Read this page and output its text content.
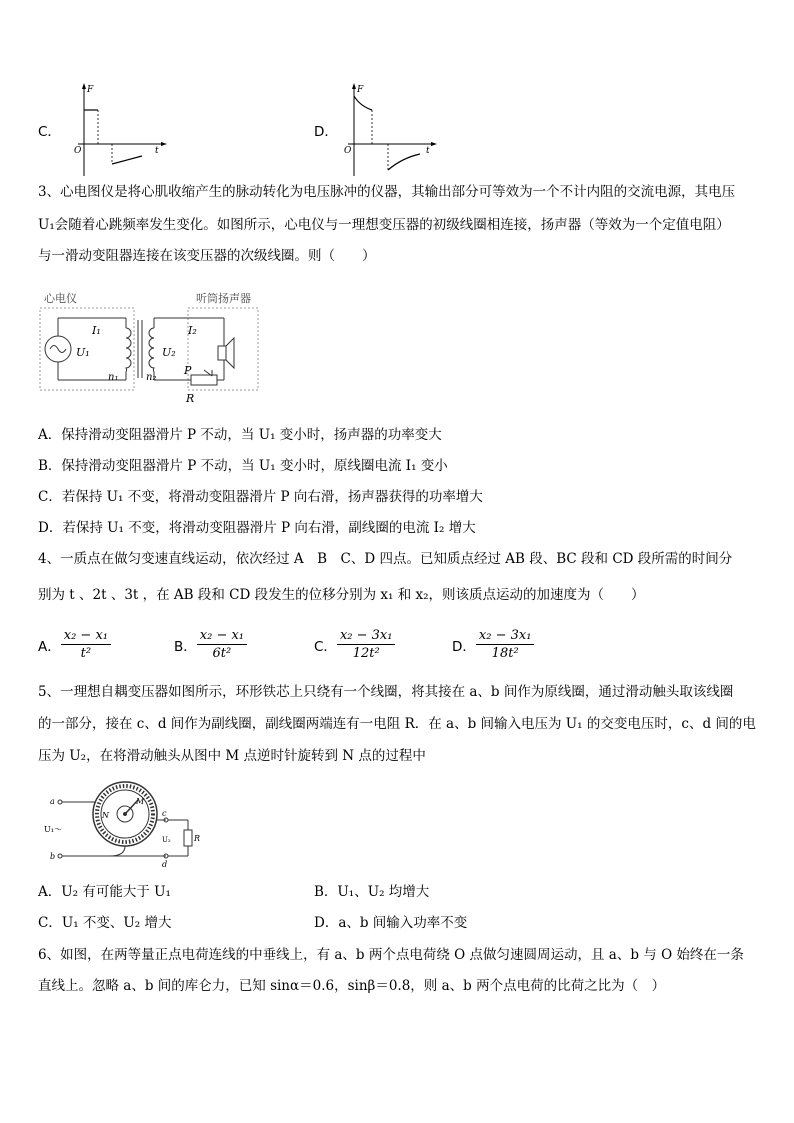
C．
F
O	t
D．
F
O	t
3、心电图仪是将心肌收缩产生的脉动转化为电压脉冲的仪器，其输出部分可等效为一个不计内阻的交流电源，其电压
U₁会随着心跳频率发生变化。如图所示，心电仪与一理想变压器的初级线圈相连接，扬声器（等效为一个定值电阻）
与一滑动变阻器连接在该变压器的次级线圈。则（　　）
心电仪	听筒扬声器
I₁
U₁
n₁
U₂
n₂
I₂
P
R
A．保持滑动变阻器滑片 P 不动，当 U₁ 变小时，扬声器的功率变大
B．保持滑动变阻器滑片 P 不动，当 U₁ 变小时，原线圈电流 I₁ 变小
C．若保持 U₁ 不变，将滑动变阻器滑片 P 向右滑，扬声器获得的功率增大
D．若保持 U₁ 不变，将滑动变阻器滑片 P 向右滑，副线圈的电流 I₂ 增大
4、一质点在做匀变速直线运动，依次经过 A　B　C、D 四点。已知质点经过 AB 段、BC 段和 CD 段所需的时间分
别为 t 、2t 、3t ，在 AB 段和 CD 段发生的位移分别为 x₁ 和 x₂，则该质点运动的加速度为（　　）
A． $\frac{\text{x₂ − x₁}}{\text{t²}}$	B． $\frac{\text{x₂ − x₁}}{\text{6t²}}$	C． $\frac{\text{x₂ − 3x₁}}{\text{12t²}}$	D． $\frac{\text{x₂ − 3x₁}}{\text{18t²}}$
5、一理想自耦变压器如图所示，环形铁芯上只绕有一个线圈，将其接在 a、b 间作为原线圈，通过滑动触头取该线圈
的一部分，接在 c、d 间作为副线圈，副线圈两端连有一电阻 R．在 a、b 间输入电压为 U₁ 的交变电压时，c、d 间的电
压为 U₂，在将滑动触头从图中 M 点逆时针旋转到 N 点的过程中
M
N
a
b
U₁～
c
d
U₂	R
A．U₂ 有可能大于 U₁	B．U₁、U₂ 均增大
C．U₁ 不变、U₂ 增大	D．a、b 间输入功率不变
6、如图，在两等量正点电荷连线的中垂线上，有 a、b 两个点电荷绕 O 点做匀速圆周运动，且 a、b 与 O 始终在一条
直线上。忽略 a、b 间的库仑力，已知 sinα＝0.6，sinβ＝0.8，则 a、b 两个点电荷的比荷之比为（　）
